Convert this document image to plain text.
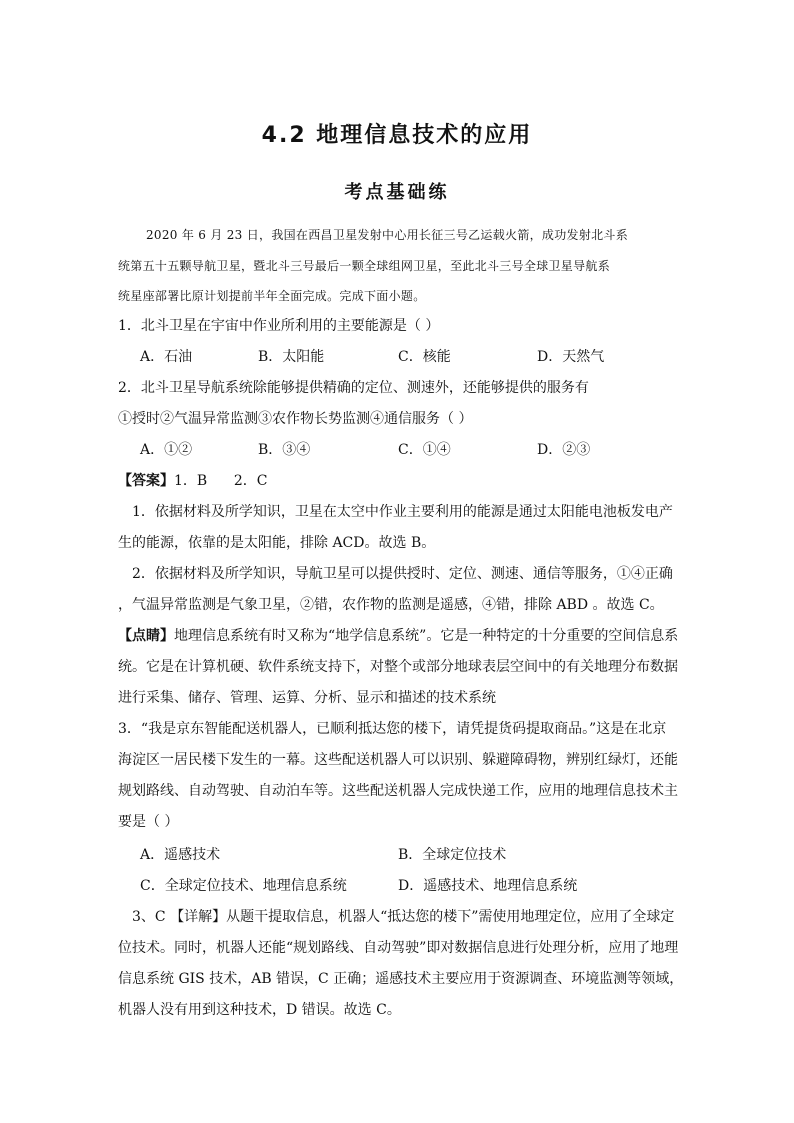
4.2 地理信息技术的应用
考点基础练
2020 年 6 月 23 日，我国在西昌卫星发射中心用长征三号乙运载火箭，成功发射北斗系
统第五十五颗导航卫星，暨北斗三号最后一颗全球组网卫星，至此北斗三号全球卫星导航系
统星座部署比原计划提前半年全面完成。完成下面小题。
1．北斗卫星在宇宙中作业所利用的主要能源是（ ）
A．石油	B．太阳能	C．核能	D．天然气
2．北斗卫星导航系统除能够提供精确的定位、测速外，还能够提供的服务有
①授时②气温异常监测③农作物长势监测④通信服务（ ）
A．①②	B．③④	C．①④	D．②③
【答案】1．B      2．C
1．依据材料及所学知识，卫星在太空中作业主要利用的能源是通过太阳能电池板发电产
生的能源，依靠的是太阳能，排除 ACD。故选 B。
2．依据材料及所学知识，导航卫星可以提供授时、定位、测速、通信等服务，①④正确
，气温异常监测是气象卫星，②错，农作物的监测是遥感，④错，排除 ABD 。故选 C。
【点睛】地理信息系统有时又称为“地学信息系统”。它是一种特定的十分重要的空间信息系
统。它是在计算机硬、软件系统支持下，对整个或部分地球表层空间中的有关地理分布数据
进行采集、储存、管理、运算、分析、显示和描述的技术系统
3．“我是京东智能配送机器人，已顺利抵达您的楼下，请凭提货码提取商品。”这是在北京
海淀区一居民楼下发生的一幕。这些配送机器人可以识别、躲避障碍物，辨别红绿灯，还能
规划路线、自动驾驶、自动泊车等。这些配送机器人完成快递工作，应用的地理信息技术主
要是（ ）
A．遥感技术	B．全球定位技术
C．全球定位技术、地理信息系统	D．遥感技术、地理信息系统
3、C 【详解】从题干提取信息，机器人“抵达您的楼下”需使用地理定位，应用了全球定
位技术。同时，机器人还能“规划路线、自动驾驶”即对数据信息进行处理分析，应用了地理
信息系统 GIS 技术，AB 错误，C 正确；遥感技术主要应用于资源调查、环境监测等领域，
机器人没有用到这种技术，D 错误。故选 C。
